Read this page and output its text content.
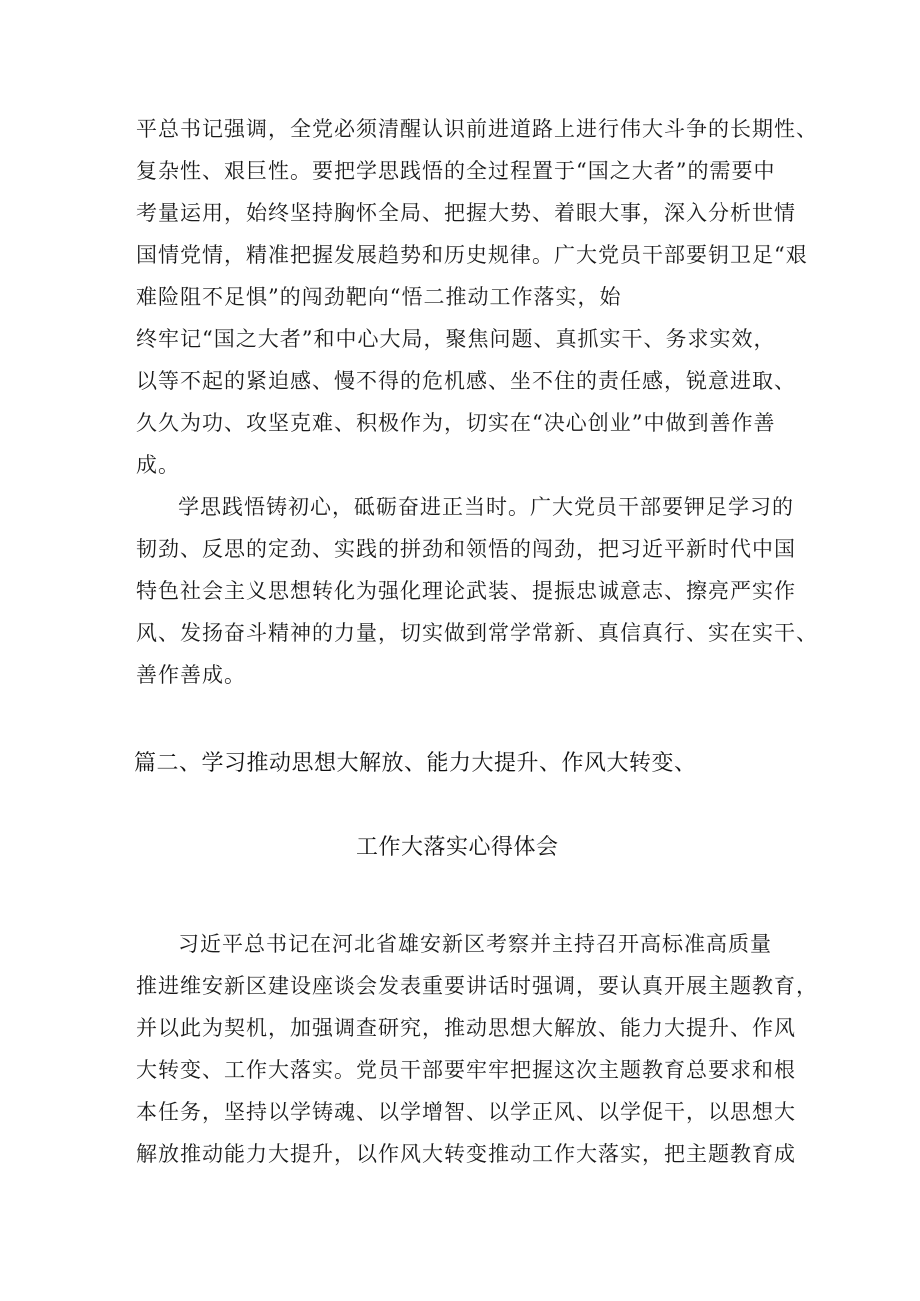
平总书记强调，全党必须清醒认识前进道路上进行伟大斗争的长期性、
复杂性、艰巨性。要把学思践悟的全过程置于“国之大者”的需要中
考量运用，始终坚持胸怀全局、把握大势、着眼大事，深入分析世情
国情党情，精准把握发展趋势和历史规律。广大党员干部要钥卫足“艰
难险阻不足惧”的闯劲靶向“悟二推动工作落实，始
终牢记“国之大者”和中心大局，聚焦问题、真抓实干、务求实效，
以等不起的紧迫感、慢不得的危机感、坐不住的责任感，锐意进取、
久久为功、攻坚克难、积极作为，切实在“决心创业”中做到善作善
成。
学思践悟铸初心，砥砺奋进正当时。广大党员干部要钾足学习的
韧劲、反思的定劲、实践的拼劲和领悟的闯劲，把习近平新时代中国
特色社会主义思想转化为强化理论武装、提振忠诚意志、擦亮严实作
风、发扬奋斗精神的力量，切实做到常学常新、真信真行、实在实干、
善作善成。
篇二、学习推动思想大解放、能力大提升、作风大转变、
工作大落实心得体会
习近平总书记在河北省雄安新区考察并主持召开高标准高质量
推进维安新区建设座谈会发表重要讲话时强调，要认真开展主题教育，
并以此为契机，加强调查研究，推动思想大解放、能力大提升、作风
大转变、工作大落实。党员干部要牢牢把握这次主题教育总要求和根
本任务，坚持以学铸魂、以学增智、以学正风、以学促干，以思想大
解放推动能力大提升，以作风大转变推动工作大落实，把主题教育成
